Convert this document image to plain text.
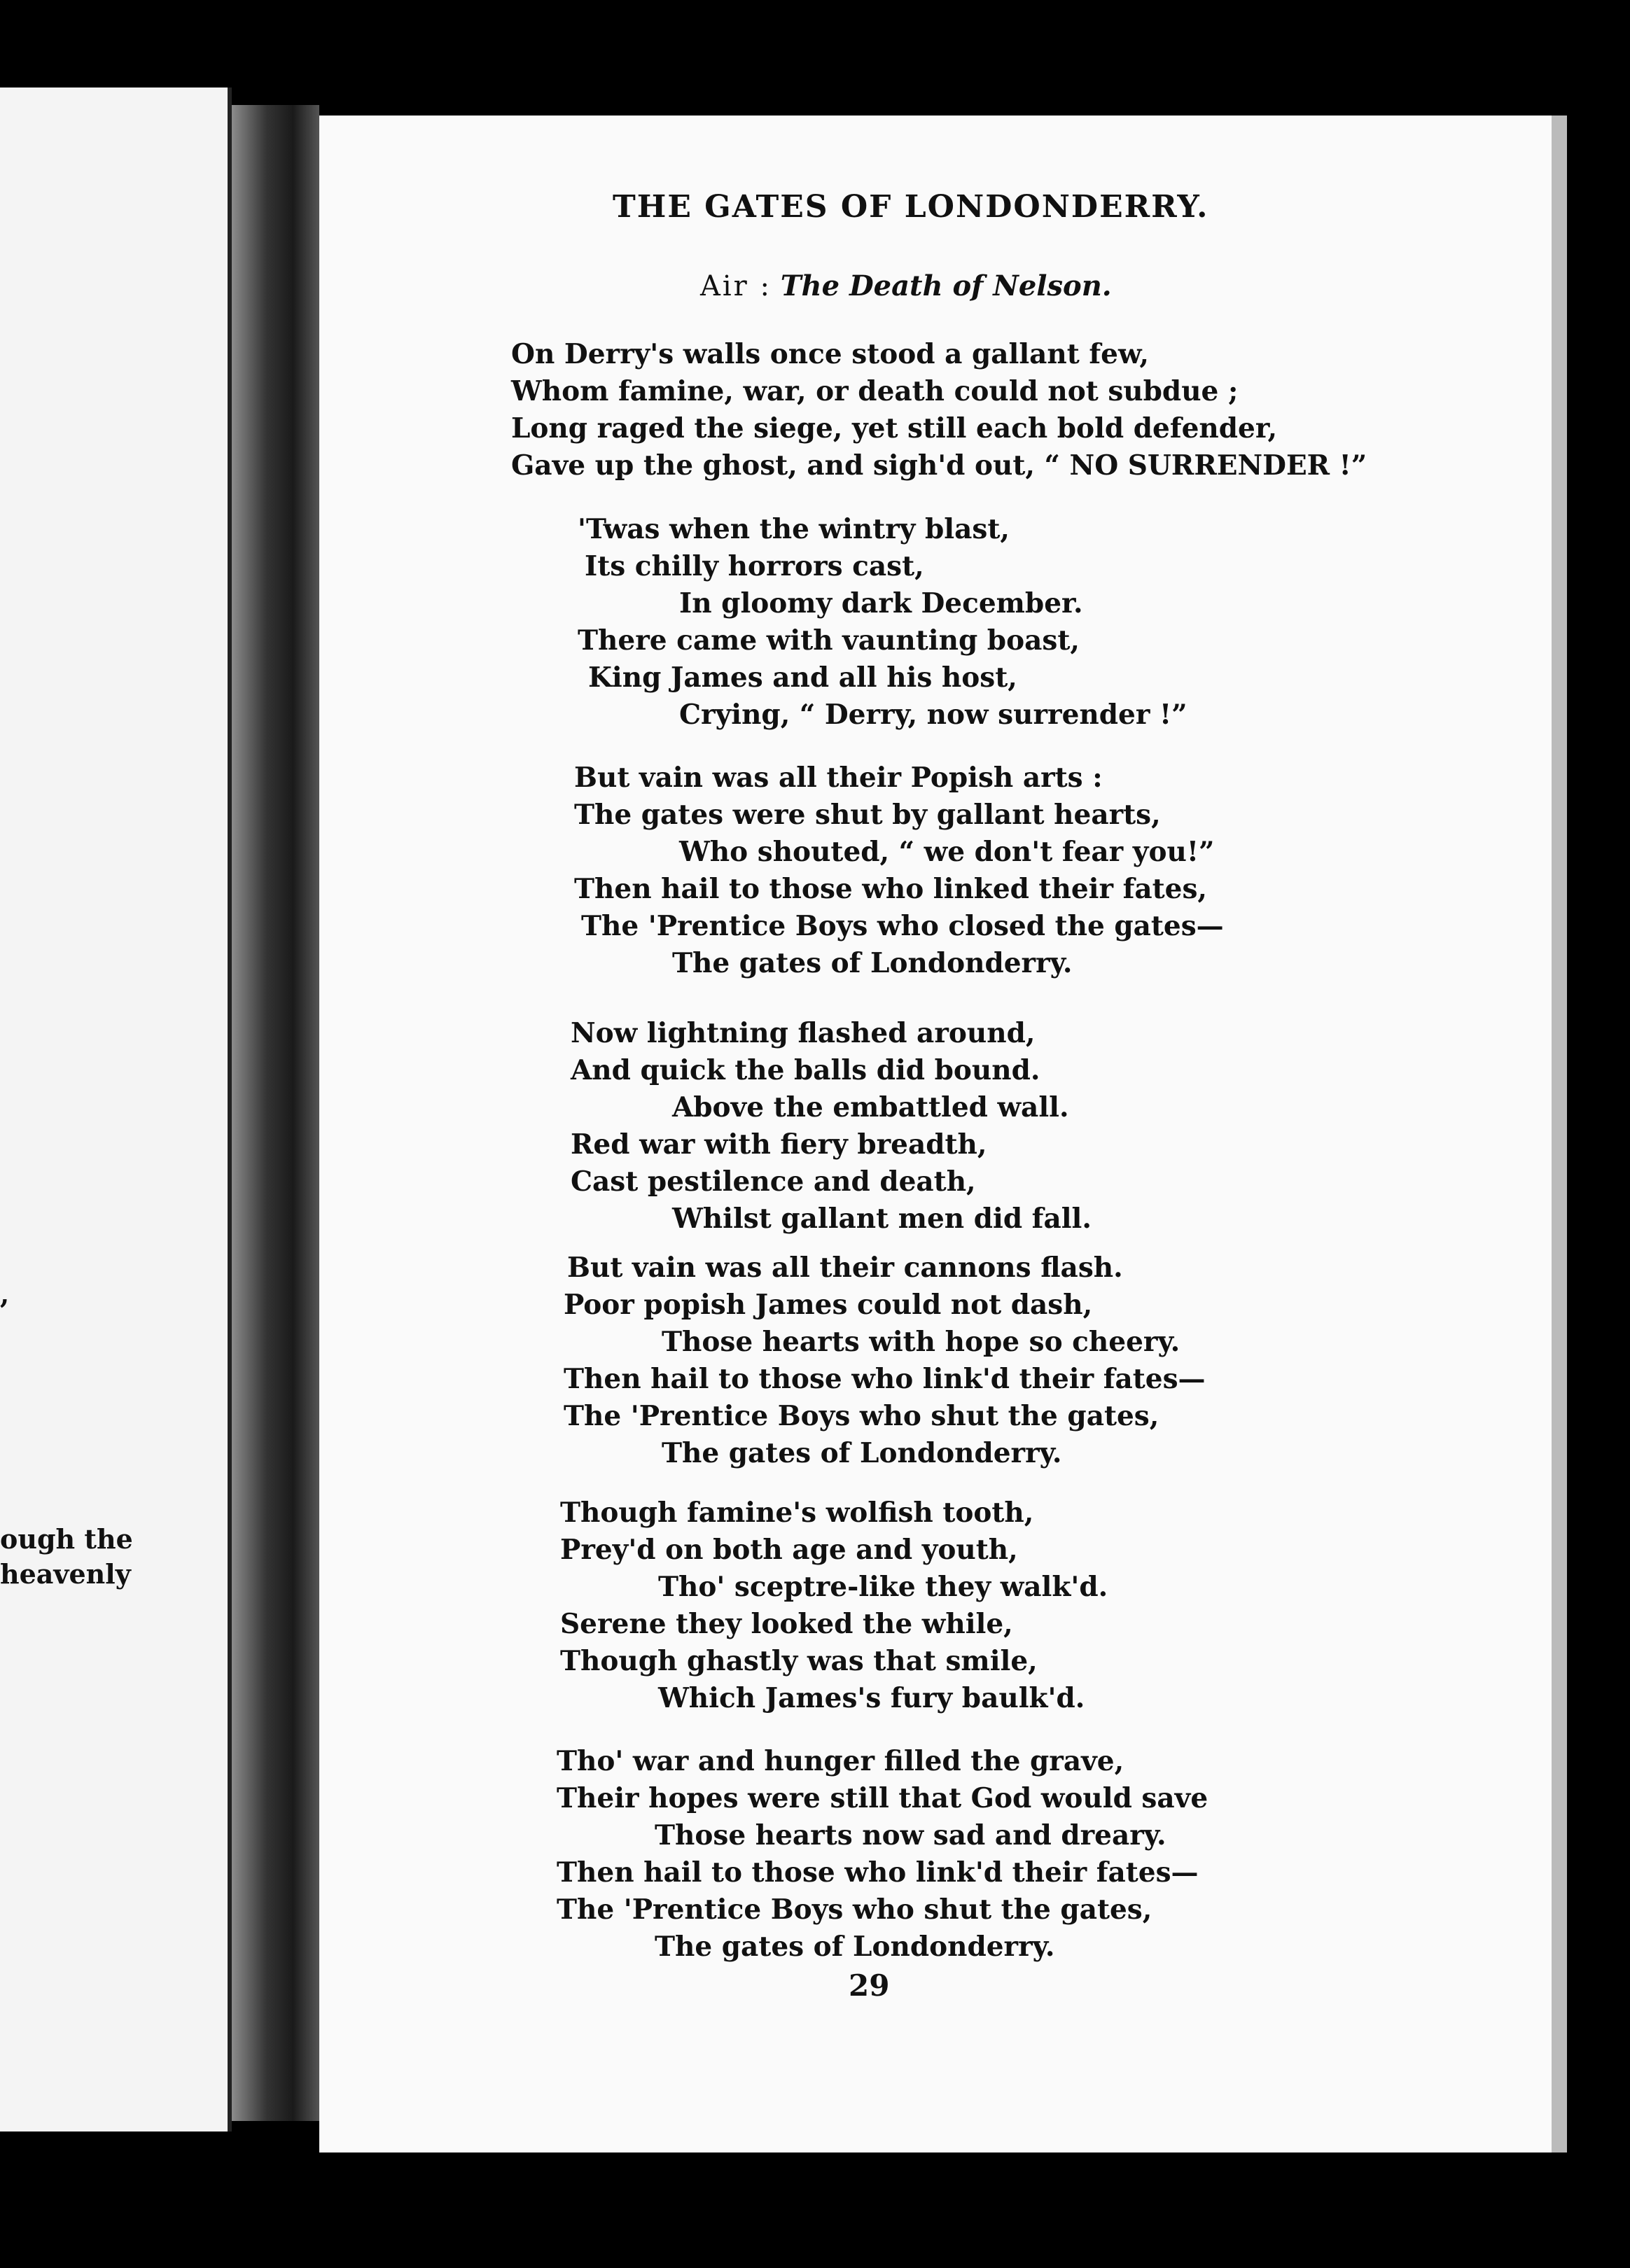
,
ough the
heavenly
THE GATES OF LONDONDERRY.
Air : The Death of Nelson.
On Derry's walls once stood a gallant few,
Whom famine, war, or death could not subdue ;
Long raged the siege, yet still each bold defender,
Gave up the ghost, and sigh'd out, “ NO SURRENDER !”
'Twas when the wintry blast,
Its chilly horrors cast,
In gloomy dark December.
There came with vaunting boast,
King James and all his host,
Crying, “ Derry, now surrender !”
But vain was all their Popish arts :
The gates were shut by gallant hearts,
Who shouted, “ we don't fear you!”
Then hail to those who linked their fates,
The 'Prentice Boys who closed the gates—
The gates of Londonderry.
Now lightning flashed around,
And quick the balls did bound.
Above the embattled wall.
Red war with fiery breadth,
Cast pestilence and death,
Whilst gallant men did fall.
But vain was all their cannons flash.
Poor popish James could not dash,
Those hearts with hope so cheery.
Then hail to those who link'd their fates—
The 'Prentice Boys who shut the gates,
The gates of Londonderry.
Though famine's wolfish tooth,
Prey'd on both age and youth,
Tho' sceptre-like they walk'd.
Serene they looked the while,
Though ghastly was that smile,
Which James's fury baulk'd.
Tho' war and hunger filled the grave,
Their hopes were still that God would save
Those hearts now sad and dreary.
Then hail to those who link'd their fates—
The 'Prentice Boys who shut the gates,
The gates of Londonderry.
29
